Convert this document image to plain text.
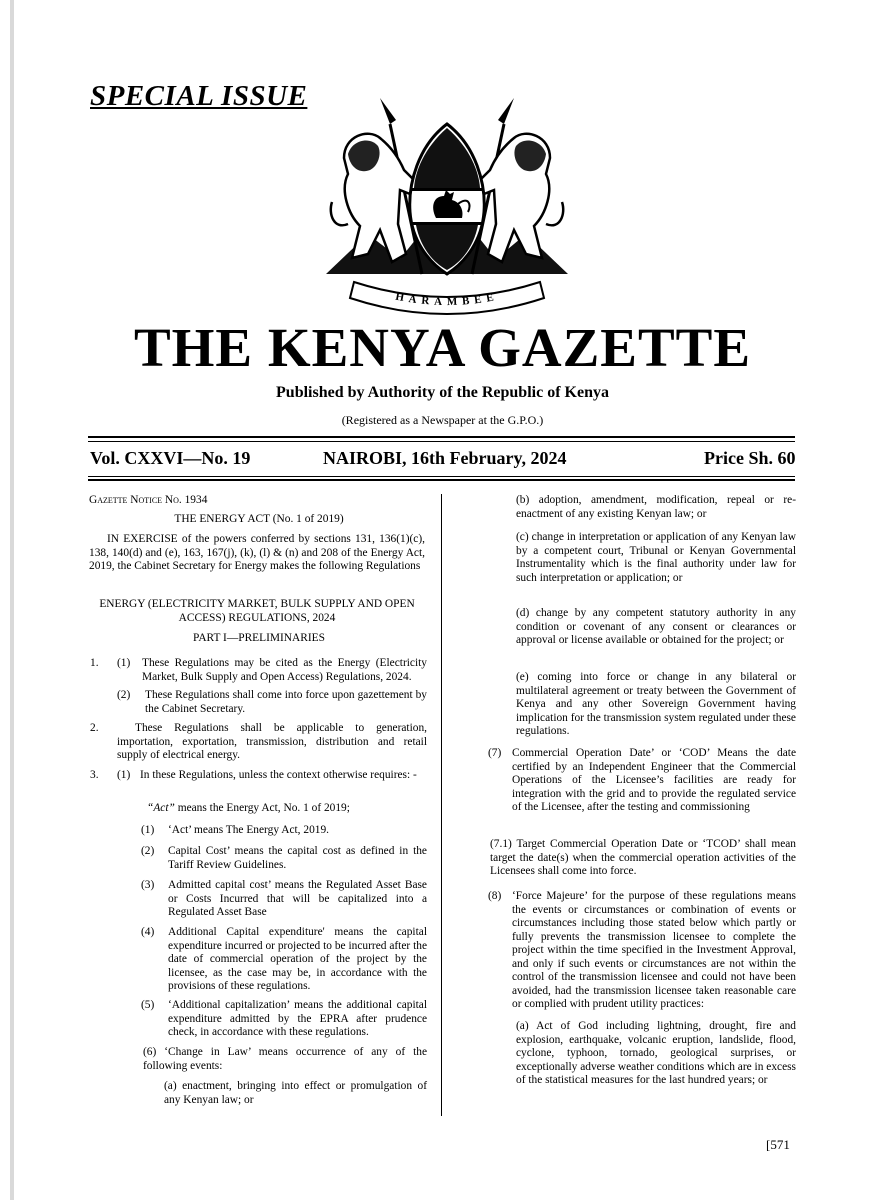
SPECIAL ISSUE
HARAMBEE
THE KENYA GAZETTE
Published by Authority of the Republic of Kenya
(Registered as a Newspaper at the G.P.O.)
Vol. CXXVI—No. 19	NAIROBI, 16th February, 2024	Price Sh. 60
Gazette Notice No. 1934
THE ENERGY ACT (No. 1 of 2019)
IN EXERCISE of the powers conferred by sections 131, 136(1)(c), 138, 140(d) and (e), 163, 167(j), (k), (l) & (n) and 208 of the Energy Act, 2019, the Cabinet Secretary for Energy makes the following Regulations
ENERGY (ELECTRICITY MARKET, BULK SUPPLY AND OPEN ACCESS) REGULATIONS, 2024
PART I—PRELIMINARIES
1. (1) These Regulations may be cited as the Energy (Electricity Market, Bulk Supply and Open Access) Regulations, 2024.
(2) These Regulations shall come into force upon gazettement by the Cabinet Secretary.
2.	These Regulations shall be applicable to generation, importation, exportation, transmission, distribution and retail supply of electrical energy.
3. (1) In these Regulations, unless the context otherwise requires: -
“Act” means the Energy Act, No. 1 of 2019;
(1) ‘Act’ means The Energy Act, 2019.
(2) Capital Cost’ means the capital cost as defined in the Tariff Review Guidelines.
(3) Admitted capital cost’ means the Regulated Asset Base or Costs Incurred that will be capitalized into a Regulated Asset Base
(4) Additional Capital expenditure' means the capital expenditure incurred or projected to be incurred after the date of commercial operation of the project by the licensee, as the case may be, in accordance with the provisions of these regulations.
(5) ‘Additional capitalization’ means the additional capital expenditure admitted by the EPRA after prudence check, in accordance with these regulations.
(6) ‘Change in Law’ means occurrence of any of the following events:
(a) enactment, bringing into effect or promulgation of any Kenyan law; or
(b) adoption, amendment, modification, repeal or re-enactment of any existing Kenyan law; or
(c) change in interpretation or application of any Kenyan law by a competent court, Tribunal or Kenyan Governmental Instrumentality which is the final authority under law for such interpretation or application; or
(d) change by any competent statutory authority in any condition or covenant of any consent or clearances or approval or license available or obtained for the project; or
(e) coming into force or change in any bilateral or multilateral agreement or treaty between the Government of Kenya and any other Sovereign Government having implication for the transmission system regulated under these regulations.
(7) Commercial Operation Date’ or ‘COD’ Means the date certified by an Independent Engineer that the Commercial Operations of the Licensee’s facilities are ready for integration with the grid and to provide the regulated service of the Licensee, after the testing and commissioning
(7.1) Target Commercial Operation Date or ‘TCOD’ shall mean target the date(s) when the commercial operation activities of the Licensees shall come into force.
(8) ‘Force Majeure’ for the purpose of these regulations means the events or circumstances or combination of events or circumstances including those stated below which partly or fully prevents the transmission licensee to complete the project within the time specified in the Investment Approval, and only if such events or circumstances are not within the control of the transmission licensee and could not have been avoided, had the transmission licensee taken reasonable care or complied with prudent utility practices:
(a) Act of God including lightning, drought, fire and explosion, earthquake, volcanic eruption, landslide, flood, cyclone, typhoon, tornado, geological surprises, or exceptionally adverse weather conditions which are in excess of the statistical measures for the last hundred years; or
[571
